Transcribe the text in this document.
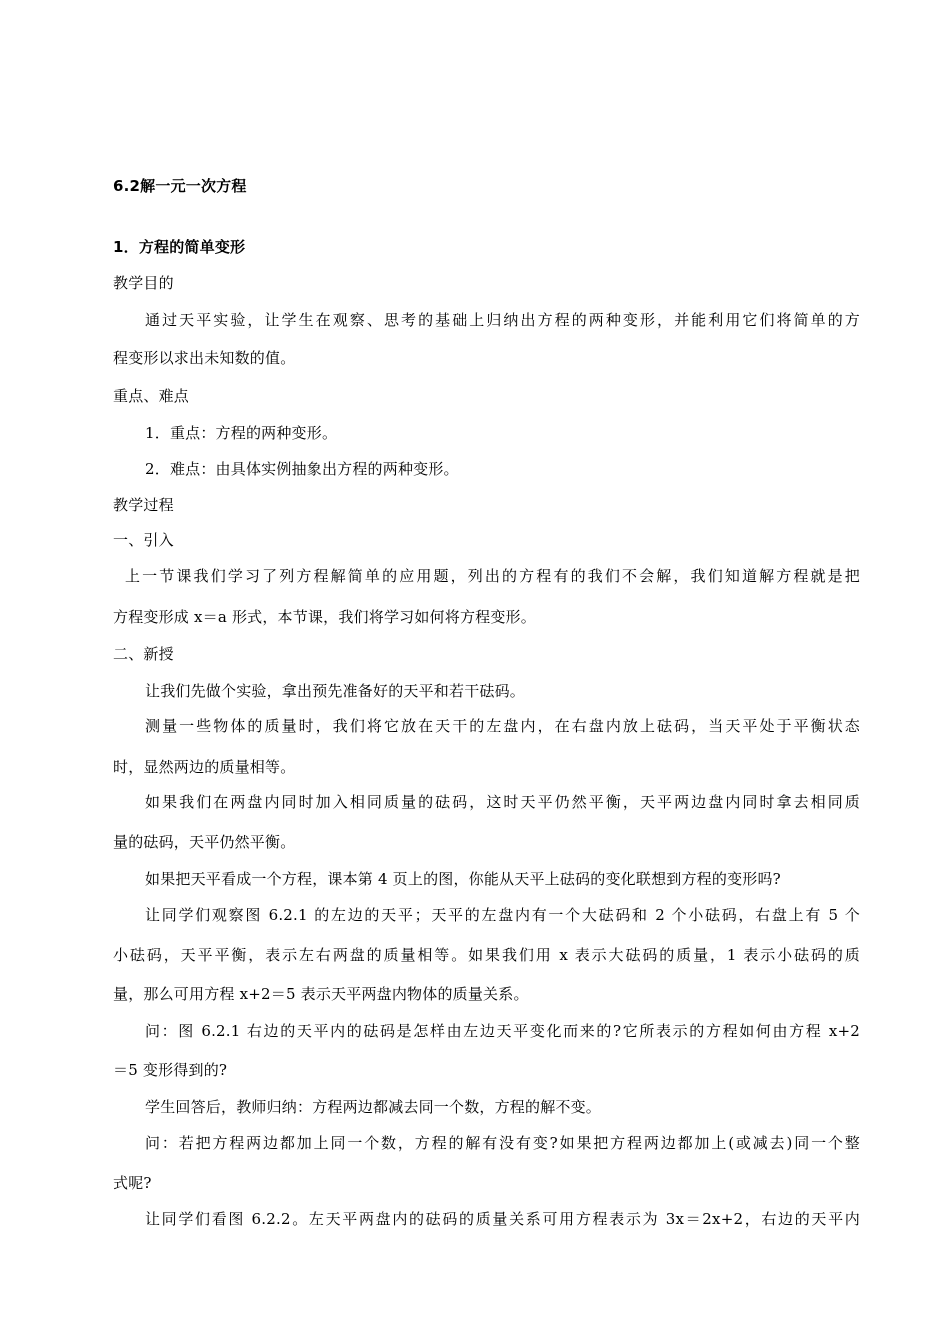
6.2解一元一次方程
1．方程的简单变形
教学目的
通过天平实验，让学生在观察、思考的基础上归纳出方程的两种变形，并能利用它们将简单的方
程变形以求出未知数的值。
重点、难点
1．重点：方程的两种变形。
2．难点：由具体实例抽象出方程的两种变形。
教学过程
一、引入
上一节课我们学习了列方程解简单的应用题，列出的方程有的我们不会解，我们知道解方程就是把
方程变形成 x＝a 形式，本节课，我们将学习如何将方程变形。
二、新授
让我们先做个实验，拿出预先准备好的天平和若干砝码。
测量一些物体的质量时，我们将它放在天干的左盘内，在右盘内放上砝码，当天平处于平衡状态
时，显然两边的质量相等。
如果我们在两盘内同时加入相同质量的砝码，这时天平仍然平衡，天平两边盘内同时拿去相同质
量的砝码，天平仍然平衡。
如果把天平看成一个方程，课本第 4 页上的图，你能从天平上砝码的变化联想到方程的变形吗?
让同学们观察图 6.2.1 的左边的天平；天平的左盘内有一个大砝码和 2 个小砝码，右盘上有 5 个
小砝码，天平平衡，表示左右两盘的质量相等。如果我们用 x 表示大砝码的质量，1 表示小砝码的质
量，那么可用方程 x+2＝5 表示天平两盘内物体的质量关系。
问：图 6.2.1 右边的天平内的砝码是怎样由左边天平变化而来的?它所表示的方程如何由方程 x+2
＝5 变形得到的?
学生回答后，教师归纳：方程两边都减去同一个数，方程的解不变。
问：若把方程两边都加上同一个数，方程的解有没有变?如果把方程两边都加上(或减去)同一个整
式呢?
让同学们看图 6.2.2。左天平两盘内的砝码的质量关系可用方程表示为 3x＝2x+2，右边的天平内
